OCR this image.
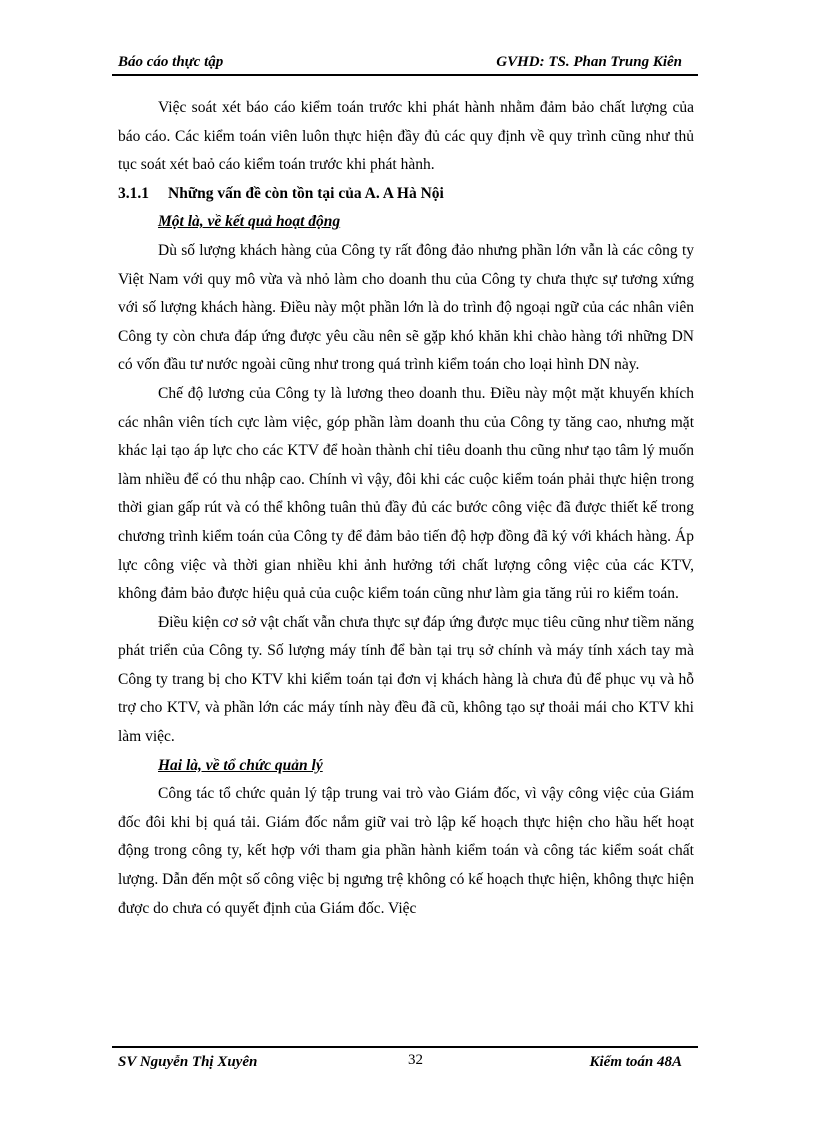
Báo cáo thực tập	GVHD: TS. Phan Trung Kiên

Việc soát xét báo cáo kiểm toán trước khi phát hành nhằm đảm bảo chất lượng của báo cáo. Các kiểm toán viên luôn thực hiện đầy đủ các quy định về quy trình cũng như thủ tục soát xét baỏ cáo kiểm toán trước khi phát hành.

3.1.1 Những vấn đề còn tồn tại của A. A Hà Nội
Một là, về kết quả hoạt động

Dù số lượng khách hàng của Công ty rất đông đảo nhưng phần lớn vẫn là các công ty Việt Nam với quy mô vừa và nhỏ làm cho doanh thu của Công ty chưa thực sự tương xứng với số lượng khách hàng. Điều này một phần lớn là do trình độ ngoại ngữ của các nhân viên Công ty còn chưa đáp ứng được yêu cầu nên sẽ gặp khó khăn khi chào hàng tới những DN có vốn đầu tư nước ngoài cũng như trong quá trình kiểm toán cho loại hình DN này.

Chế độ lương của Công ty là lương theo doanh thu. Điều này một mặt khuyến khích các nhân viên tích cực làm việc, góp phần làm doanh thu của Công ty tăng cao, nhưng mặt khác lại tạo áp lực cho các KTV để hoàn thành chỉ tiêu doanh thu cũng như tạo tâm lý muốn làm nhiều để có thu nhập cao. Chính vì vậy, đôi khi các cuộc kiểm toán phải thực hiện trong thời gian gấp rút và có thể không tuân thủ đầy đủ các bước công việc đã được thiết kế trong chương trình kiểm toán của Công ty để đảm bảo tiến độ hợp đồng đã ký với khách hàng. Áp lực công việc và thời gian nhiều khi ảnh hưởng tới chất lượng công việc của các KTV, không đảm bảo được hiệu quả của cuộc kiểm toán cũng như làm gia tăng rủi ro kiểm toán.

Điều kiện cơ sở vật chất vẫn chưa thực sự đáp ứng được mục tiêu cũng như tiềm năng phát triển của Công ty. Số lượng máy tính để bàn tại trụ sở chính và máy tính xách tay mà Công ty trang bị cho KTV khi kiểm toán tại đơn vị khách hàng là chưa đủ để phục vụ và hỗ trợ cho KTV, và phần lớn các máy tính này đều đã cũ, không tạo sự thoải mái cho KTV khi làm việc.

Hai là, về tổ chức quản lý

Công tác tổ chức quản lý tập trung vai trò vào Giám đốc, vì vậy công việc của Giám đốc đôi khi bị quá tải. Giám đốc nắm giữ vai trò lập kế hoạch thực hiện cho hầu hết hoạt động trong công ty, kết hợp với tham gia phần hành kiểm toán và công tác kiểm soát chất lượng. Dẫn đến một số công việc bị ngưng trệ không có kế hoạch thực hiện, không thực hiện được do chưa có quyết định của Giám đốc. Việc

SV Nguyễn Thị Xuyên	32	Kiểm toán 48A
